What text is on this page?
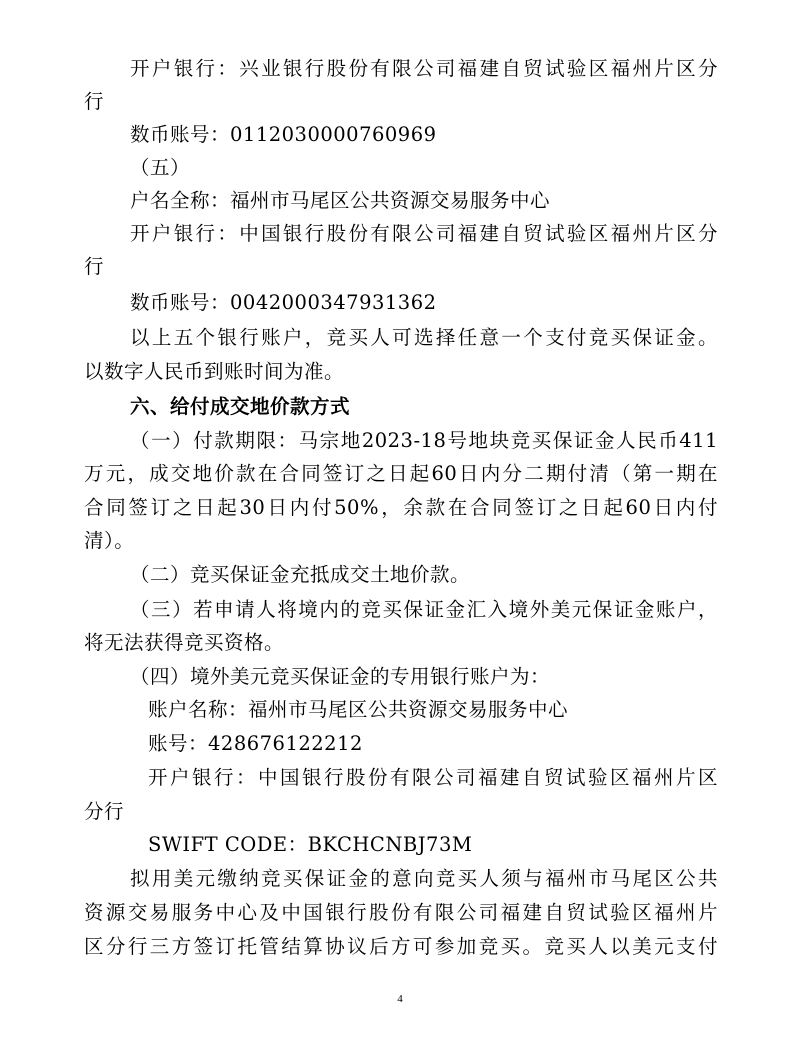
开户银行：兴业银行股份有限公司福建自贸试验区福州片区分
行
数币账号：0112030000760969
（五）
户名全称：福州市马尾区公共资源交易服务中心
开户银行：中国银行股份有限公司福建自贸试验区福州片区分
行
数币账号：0042000347931362
以上五个银行账户，竞买人可选择任意一个支付竞买保证金。
以数字人民币到账时间为准。
六、给付成交地价款方式
（一）付款期限：马宗地2023-18号地块竞买保证金人民币411
万元，成交地价款在合同签订之日起60日内分二期付清（第一期在
合同签订之日起30日内付50%，余款在合同签订之日起60日内付
清）。
（二）竞买保证金充抵成交土地价款。
（三）若申请人将境内的竞买保证金汇入境外美元保证金账户，
将无法获得竞买资格。
（四）境外美元竞买保证金的专用银行账户为：
账户名称：福州市马尾区公共资源交易服务中心
账号：428676122212
开户银行：中国银行股份有限公司福建自贸试验区福州片区
分行
SWIFT CODE：BKCHCNBJ73M
拟用美元缴纳竞买保证金的意向竞买人须与福州市马尾区公共
资源交易服务中心及中国银行股份有限公司福建自贸试验区福州片
区分行三方签订托管结算协议后方可参加竞买。竞买人以美元支付
4
